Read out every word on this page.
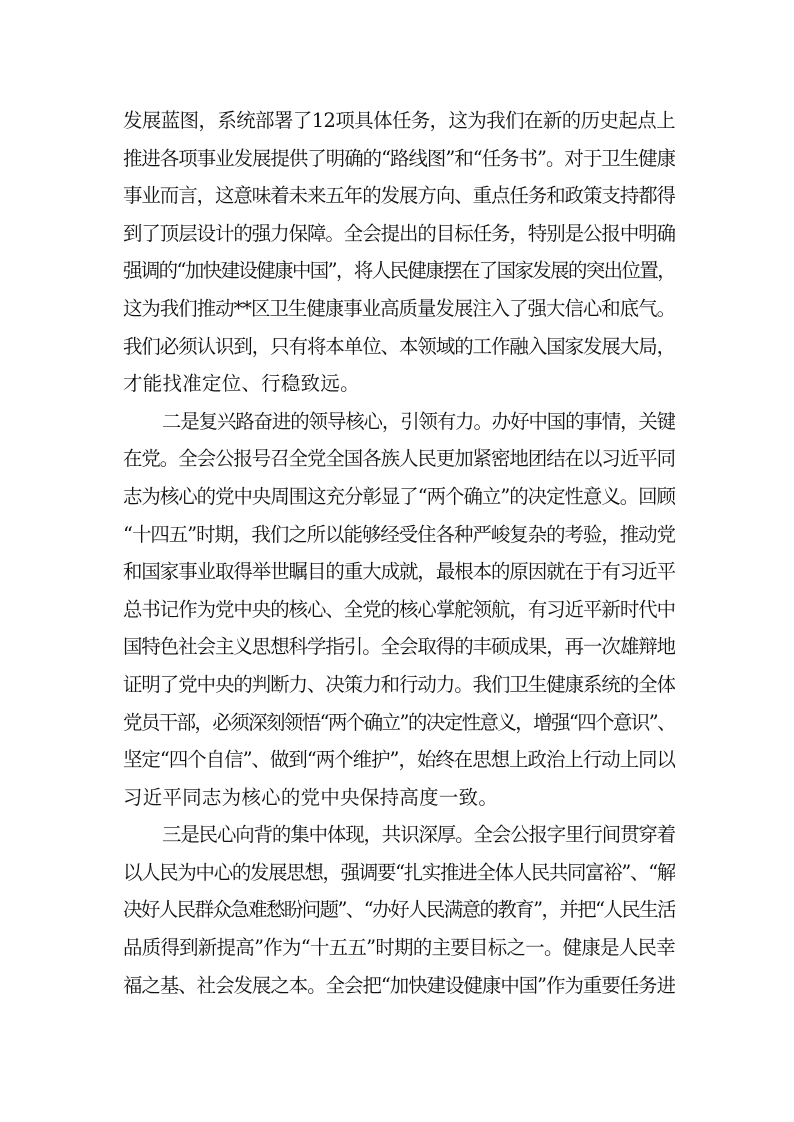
发展蓝图，系统部署了12项具体任务，这为我们在新的历史起点上
推进各项事业发展提供了明确的“路线图”和“任务书”。对于卫生健康
事业而言，这意味着未来五年的发展方向、重点任务和政策支持都得
到了顶层设计的强力保障。全会提出的目标任务，特别是公报中明确
强调的“加快建设健康中国”，将人民健康摆在了国家发展的突出位置，
这为我们推动**区卫生健康事业高质量发展注入了强大信心和底气。
我们必须认识到，只有将本单位、本领域的工作融入国家发展大局，
才能找准定位、行稳致远。
二是复兴路奋进的领导核心，引领有力。办好中国的事情，关键
在党。全会公报号召全党全国各族人民更加紧密地团结在以习近平同
志为核心的党中央周围这充分彰显了“两个确立”的决定性意义。回顾
“十四五”时期，我们之所以能够经受住各种严峻复杂的考验，推动党
和国家事业取得举世瞩目的重大成就，最根本的原因就在于有习近平
总书记作为党中央的核心、全党的核心掌舵领航，有习近平新时代中
国特色社会主义思想科学指引。全会取得的丰硕成果，再一次雄辩地
证明了党中央的判断力、决策力和行动力。我们卫生健康系统的全体
党员干部，必须深刻领悟“两个确立”的决定性意义，增强“四个意识”、
坚定“四个自信”、做到“两个维护”，始终在思想上政治上行动上同以
习近平同志为核心的党中央保持高度一致。
三是民心向背的集中体现，共识深厚。全会公报字里行间贯穿着
以人民为中心的发展思想，强调要“扎实推进全体人民共同富裕”、“解
决好人民群众急难愁盼问题”、“办好人民满意的教育”，并把“人民生活
品质得到新提高”作为“十五五”时期的主要目标之一。健康是人民幸
福之基、社会发展之本。全会把“加快建设健康中国”作为重要任务进
